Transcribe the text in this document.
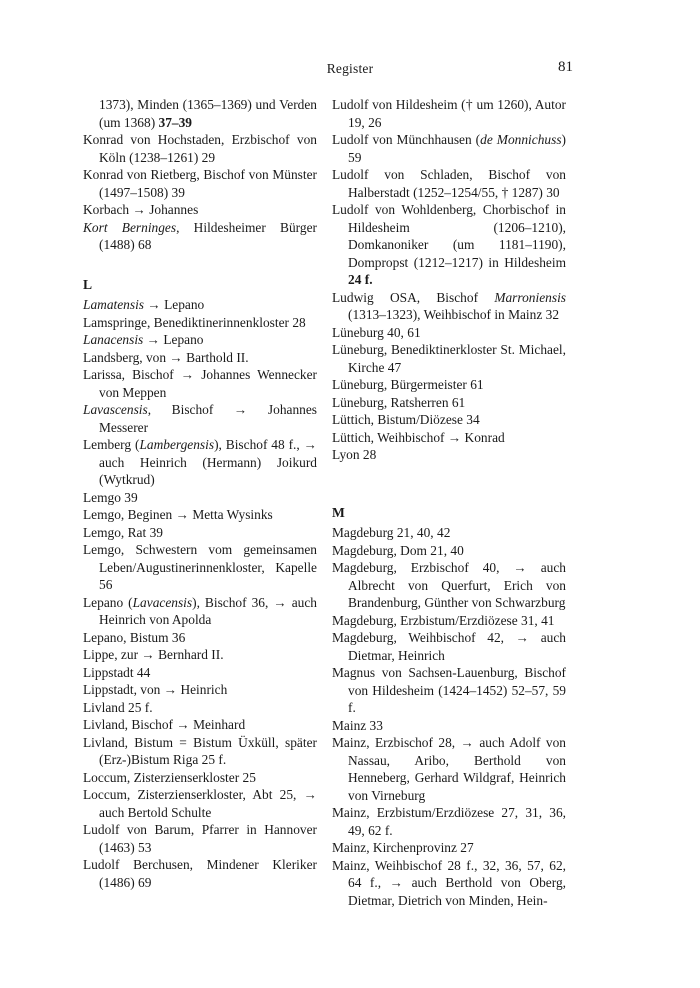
Register	81

1373), Minden (1365–1369) und Verden (um 1368) 37–39

Konrad von Hochstaden, Erzbischof von Köln (1238–1261) 29

Konrad von Rietberg, Bischof von Münster (1497–1508) 39

Korbach → Johannes

Kort Berninges, Hildesheimer Bürger (1488) 68

L

Lamatensis → Lepano

Lamspringe, Benediktinerinnenkloster 28

Lanacensis → Lepano

Landsberg, von → Barthold II.

Larissa, Bischof → Johannes Wennecker von Meppen

Lavascensis, Bischof → Johannes Messerer

Lemberg (Lambergensis), Bischof 48 f., → auch Heinrich (Hermann) Joikurd (Wytkrud)

Lemgo 39

Lemgo, Beginen → Metta Wysinks

Lemgo, Rat 39

Lemgo, Schwestern vom gemeinsamen Leben/Augustinerinnenkloster, Kapelle 56

Lepano (Lavacensis), Bischof 36, → auch Heinrich von Apolda

Lepano, Bistum 36

Lippe, zur → Bernhard II.

Lippstadt 44

Lippstadt, von → Heinrich

Livland 25 f.

Livland, Bischof → Meinhard

Livland, Bistum = Bistum Üxküll, später (Erz-)Bistum Riga 25 f.

Loccum, Zisterzienserkloster 25

Loccum, Zisterzienserkloster, Abt 25, → auch Bertold Schulte

Ludolf von Barum, Pfarrer in Hannover (1463) 53

Ludolf Berchusen, Mindener Kleriker (1486) 69

Ludolf von Hildesheim († um 1260), Autor 19, 26

Ludolf von Münchhausen (de Monnichuss) 59

Ludolf von Schladen, Bischof von Halberstadt (1252–1254/55, † 1287) 30

Ludolf von Wohldenberg, Chorbischof in Hildesheim (1206–1210), Domkanoniker (um 1181–1190), Dompropst (1212–1217) in Hildesheim 24 f.

Ludwig OSA, Bischof Marroniensis (1313–1323), Weihbischof in Mainz 32

Lüneburg 40, 61

Lüneburg, Benediktinerkloster St. Michael, Kirche 47

Lüneburg, Bürgermeister 61

Lüneburg, Ratsherren 61

Lüttich, Bistum/Diözese 34

Lüttich, Weihbischof → Konrad

Lyon 28

M

Magdeburg 21, 40, 42

Magdeburg, Dom 21, 40

Magdeburg, Erzbischof 40, → auch Albrecht von Querfurt, Erich von Brandenburg, Günther von Schwarzburg

Magdeburg, Erzbistum/Erzdiözese 31, 41

Magdeburg, Weihbischof 42, → auch Dietmar, Heinrich

Magnus von Sachsen-Lauenburg, Bischof von Hildesheim (1424–1452) 52–57, 59 f.

Mainz 33

Mainz, Erzbischof 28, → auch Adolf von Nassau, Aribo, Berthold von Henneberg, Gerhard Wildgraf, Heinrich von Virneburg

Mainz, Erzbistum/Erzdiözese 27, 31, 36, 49, 62 f.

Mainz, Kirchenprovinz 27

Mainz, Weihbischof 28 f., 32, 36, 57, 62, 64 f., → auch Berthold von Oberg, Dietmar, Dietrich von Minden, Hein-
